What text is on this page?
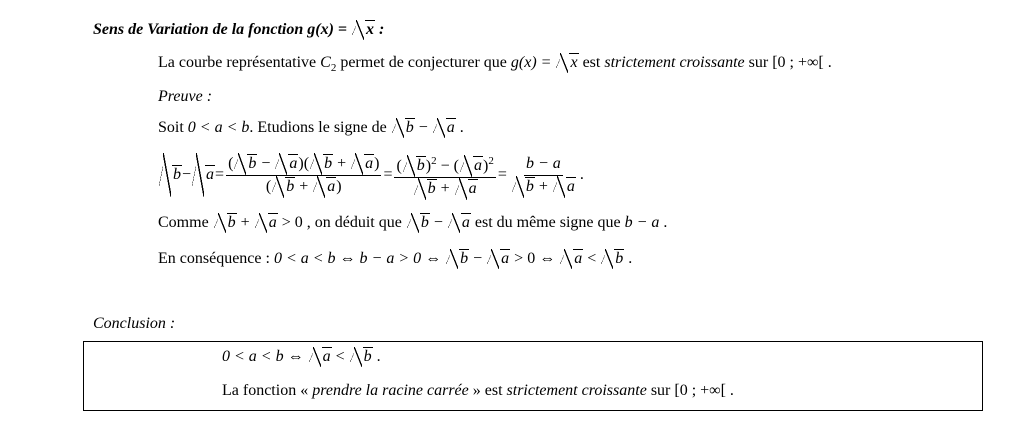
Sens de Variation de la fonction g(x) = x :
La courbe représentative $C_2$ permet de conjecturer que g(x) = x est strictement croissante sur [0 ; +∞[ .
Preuve :
Soit 0 < a < b. Etudions le signe de b − a .
$b - a = \frac{( b - a)( b + a)}{( b + a)} = \frac{( b)^2 - ( a)^2}{b + a} = \frac{b - a}{b + a}$ .
Comme b + a > 0 , on déduit que b − a est du même signe que b − a .
En conséquence : 0 < a < b ⇔ b − a > 0 ⇔ b − a > 0 ⇔ a < b .
Conclusion :
0 < a < b ⇔ a < b .
La fonction « prendre la racine carrée » est strictement croissante sur [0 ; +∞[ .
